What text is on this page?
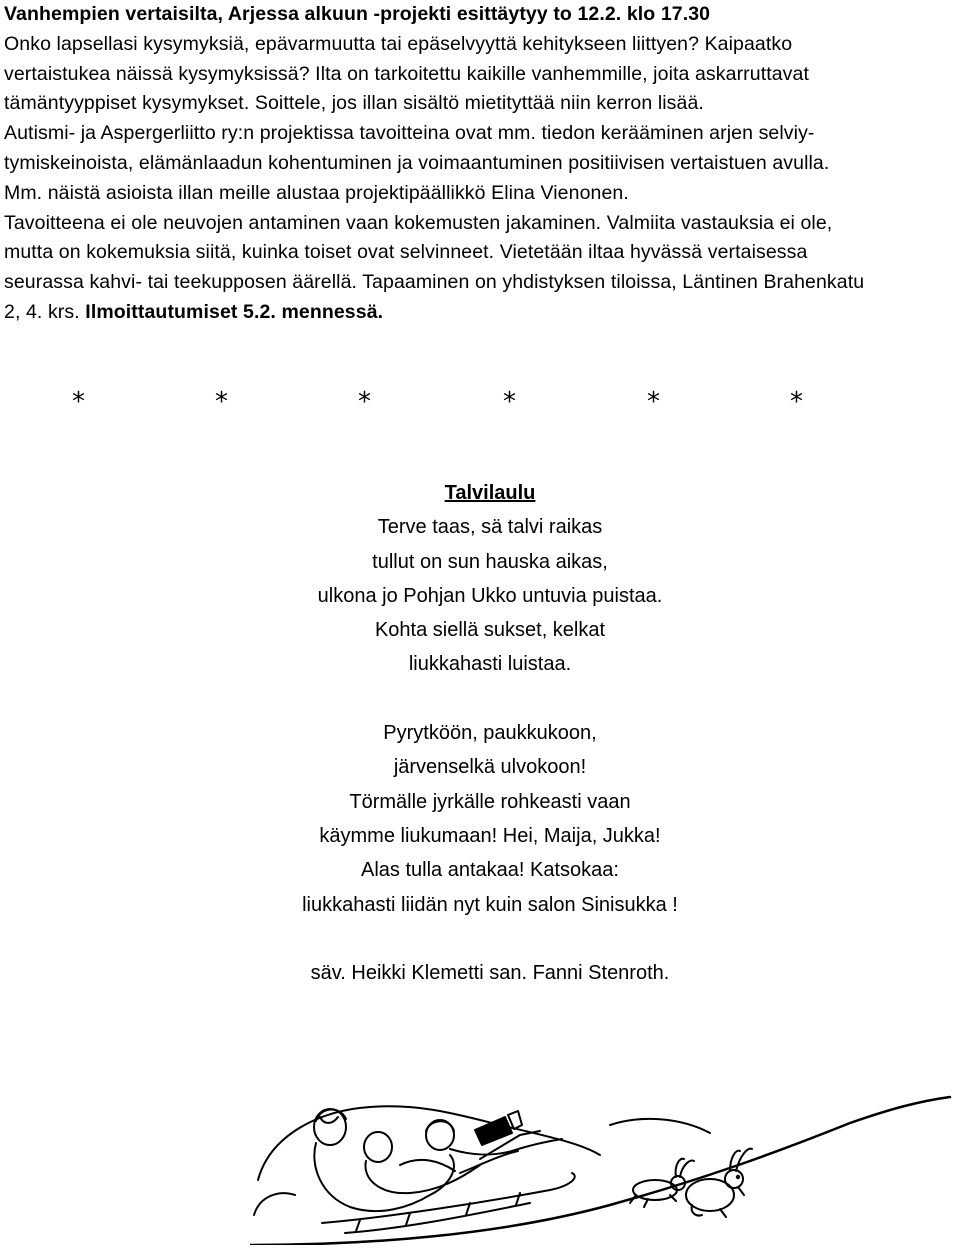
Vanhempien vertaisilta, Arjessa alkuun -projekti esittäytyy to 12.2. klo 17.30

Onko lapsellasi kysymyksiä, epävarmuutta tai epäselvyyttä kehitykseen liittyen? Kaipaatko

vertaistukea näissä kysymyksissä? Ilta on tarkoitettu kaikille vanhemmille, joita askarruttavat

tämäntyyppiset kysymykset. Soittele, jos illan sisältö mietityttää niin kerron lisää.

Autismi- ja Aspergerliitto ry:n projektissa tavoitteina ovat mm. tiedon kerääminen arjen selviy-

tymiskeinoista, elämänlaadun kohentuminen ja voimaantuminen positiivisen vertaistuen avulla.

Mm. näistä asioista illan meille alustaa projektipäällikkö Elina Vienonen.

Tavoitteena ei ole neuvojen antaminen vaan kokemusten jakaminen. Valmiita vastauksia ei ole,

mutta on kokemuksia siitä, kuinka toiset ovat selvinneet. Vietetään iltaa hyvässä vertaisessa

seurassa kahvi- tai teekupposen äärellä. Tapaaminen on yhdistyksen tiloissa, Läntinen Brahenkatu

2, 4. krs. Ilmoittautumiset 5.2. mennessä.

*	*	*	*	*	*
Talvilaulu
Terve taas, sä talvi raikas
tullut on sun hauska aikas,
ulkona jo Pohjan Ukko untuvia puistaa.
Kohta siellä sukset, kelkat
liukkahasti luistaa.
Pyrytköön, paukkukoon,
järvenselkä ulvokoon!
Törmälle jyrkälle rohkeasti vaan
käymme liukumaan! Hei, Maija, Jukka!
Alas tulla antakaa! Katsokaa:
liukkahasti liidän nyt kuin salon Sinisukka !
säv. Heikki Klemetti san. Fanni Stenroth.
